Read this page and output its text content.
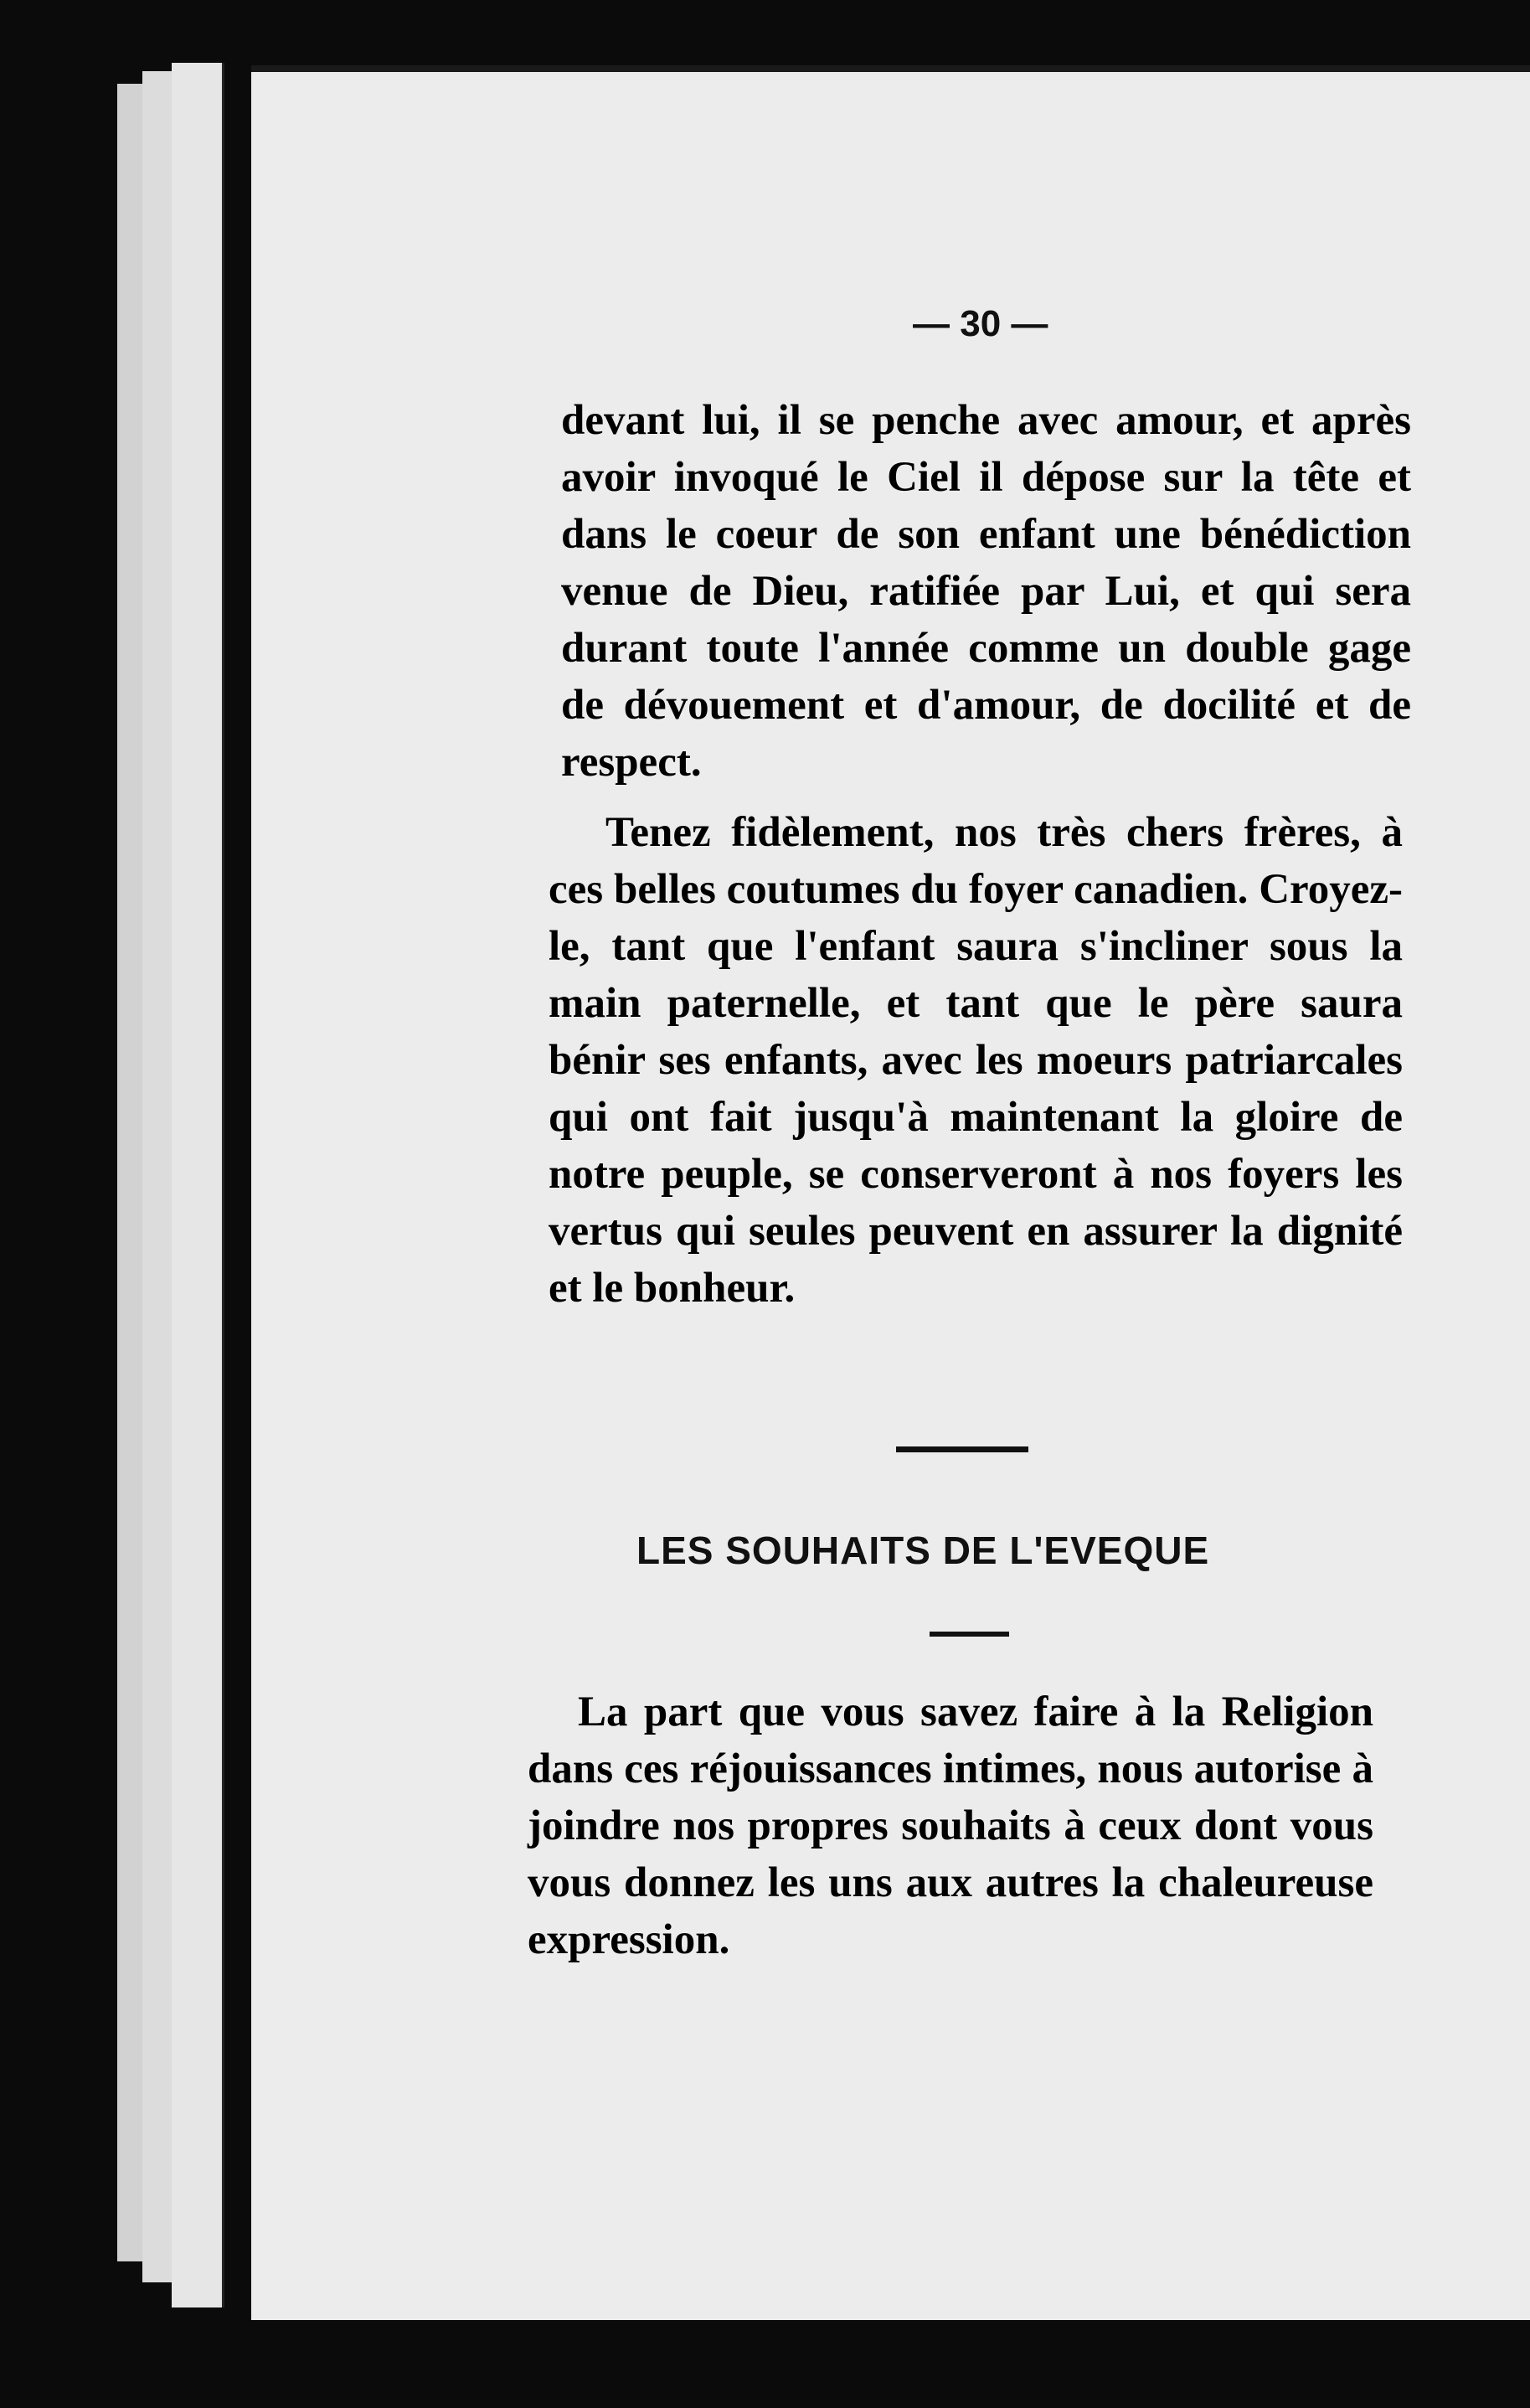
— 30 —

devant lui, il se penche avec amour, et après avoir invoqué le Ciel il dépose sur la tête et dans le coeur de son enfant une bénédiction venue de Dieu, ratifiée par Lui, et qui sera durant toute l'année comme un double gage de dévouement et d'amour, de docilité et de respect.

Tenez fidèlement, nos très chers frères, à ces belles coutumes du foyer canadien. Croyez-le, tant que l'enfant saura s'incliner sous la main paternelle, et tant que le père saura bénir ses enfants, avec les moeurs patriarcales qui ont fait jusqu'à maintenant la gloire de notre peuple, se conserveront à nos foyers les vertus qui seules peuvent en assurer la dignité et le bonheur.

LES SOUHAITS DE L'EVEQUE

La part que vous savez faire à la Religion dans ces réjouissances intimes, nous autorise à joindre nos propres souhaits à ceux dont vous vous donnez les uns aux autres la chaleureuse expression.
